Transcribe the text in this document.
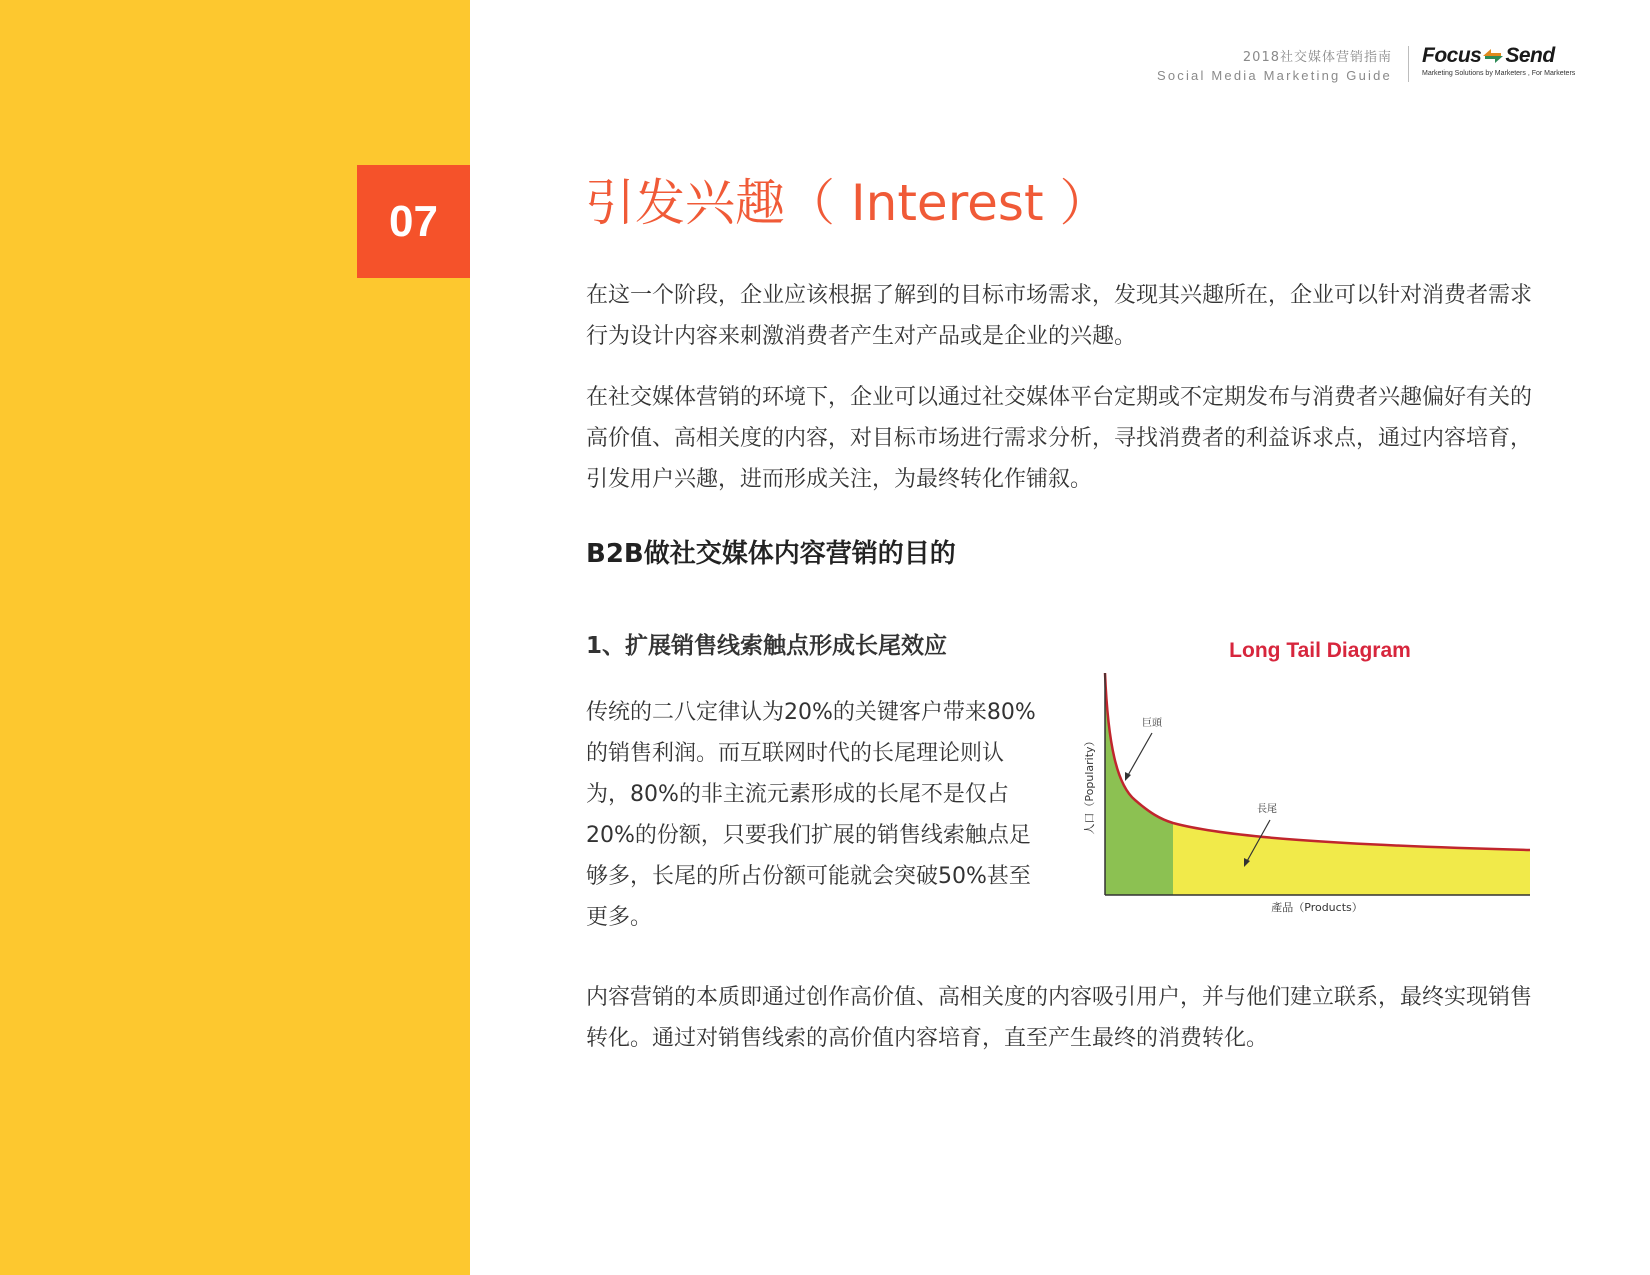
07
2018社交媒体营销指南
Social Media Marketing Guide
Focus Send
Marketing Solutions by Marketers , For Marketers
引发兴趣（ Interest ）

在这一个阶段，企业应该根据了解到的目标市场需求，发现其兴趣所在，企业可以针对消费者需求行为设计内容来刺激消费者产生对产品或是企业的兴趣。

在社交媒体营销的环境下，企业可以通过社交媒体平台定期或不定期发布与消费者兴趣偏好有关的高价值、高相关度的内容，对目标市场进行需求分析，寻找消费者的利益诉求点，通过内容培育，引发用户兴趣，进而形成关注，为最终转化作铺叙。

B2B做社交媒体内容营销的目的
1、扩展销售线索触点形成长尾效应

传统的二八定律认为20%的关键客户带来80%的销售利润。而互联网时代的长尾理论则认为，80%的非主流元素形成的长尾不是仅占20%的份额，只要我们扩展的销售线索触点足够多，长尾的所占份额可能就会突破50%甚至更多。

Long Tail Diagram
人口（Popularity）
產品（Products）
巨頭
長尾

内容营销的本质即通过创作高价值、高相关度的内容吸引用户，并与他们建立联系，最终实现销售转化。通过对销售线索的高价值内容培育，直至产生最终的消费转化。
